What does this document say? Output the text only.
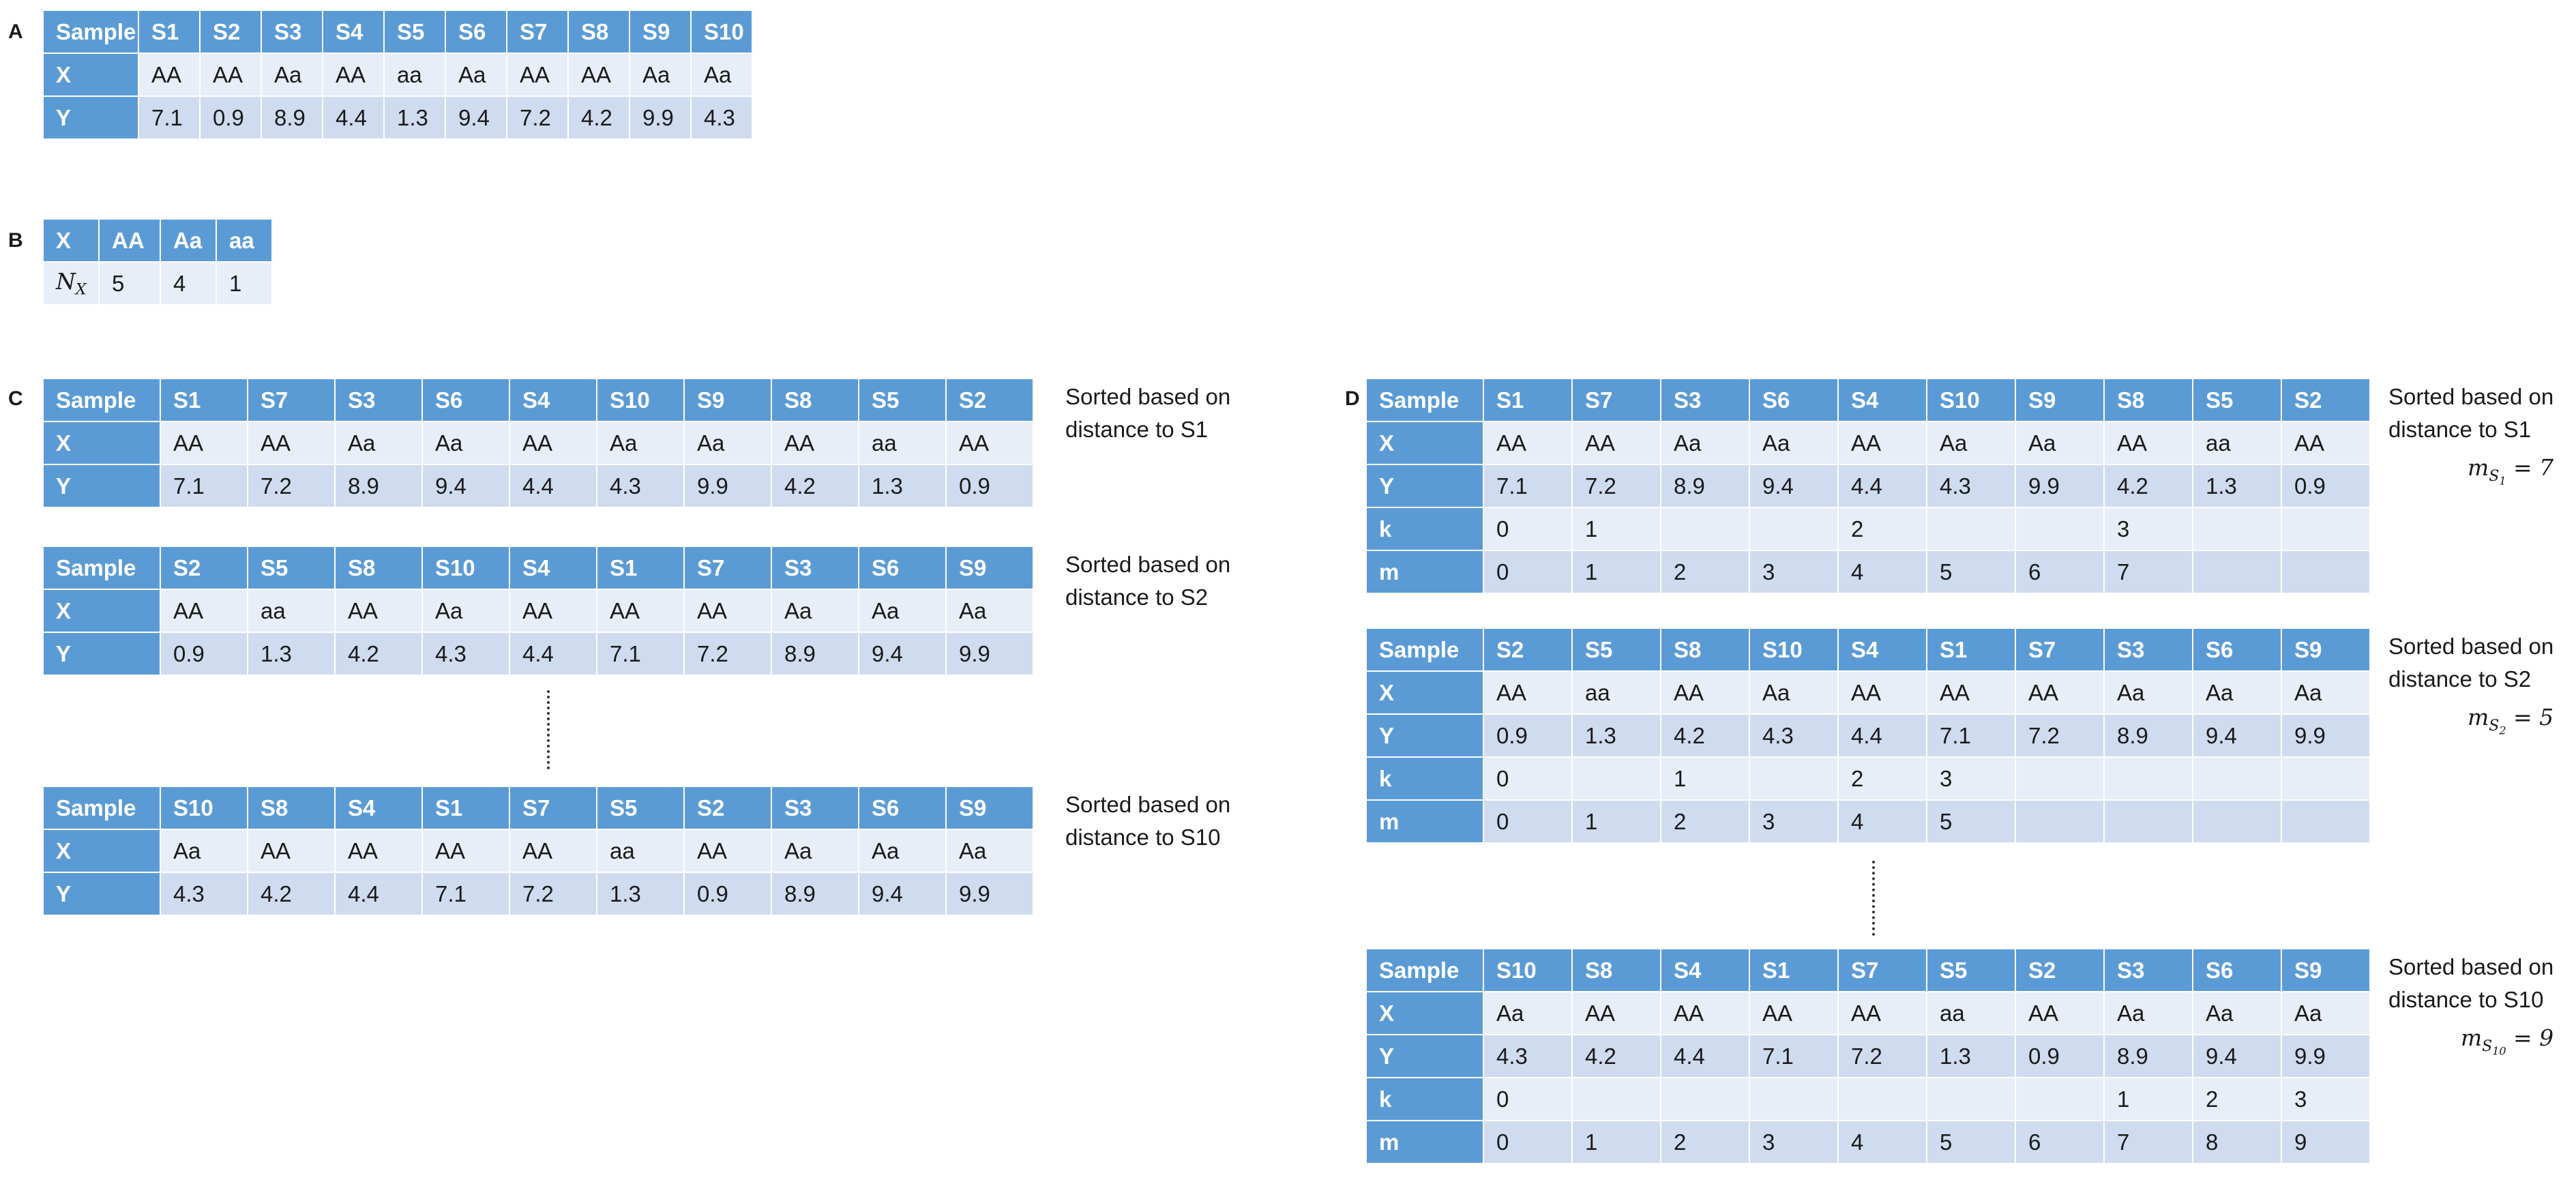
A
B
C	D
Sample	S1	S2	S3	S4	S5	S6	S7	S8	S9	S10
X	AA	AA	Aa	AA	aa	Aa	AA	AA	Aa	Aa
Y	7.1	0.9	8.9	4.4	1.3	9.4	7.2	4.2	9.9	4.3
X	AA	Aa	aa
$N_X$	5	4	1
Sample	S1	S7	S3	S6	S4	S10	S9	S8	S5	S2
X	AA	AA	Aa	Aa	AA	Aa	Aa	AA	aa	AA
Y	7.1	7.2	8.9	9.4	4.4	4.3	9.9	4.2	1.3	0.9
Sorted based on
distance to S1
Sample	S2	S5	S8	S10	S4	S1	S7	S3	S6	S9
X	AA	aa	AA	Aa	AA	AA	AA	Aa	Aa	Aa
Y	0.9	1.3	4.2	4.3	4.4	7.1	7.2	8.9	9.4	9.9
Sorted based on
distance to S2
Sample	S10	S8	S4	S1	S7	S5	S2	S3	S6	S9
X	Aa	AA	AA	AA	AA	aa	AA	Aa	Aa	Aa
Y	4.3	4.2	4.4	7.1	7.2	1.3	0.9	8.9	9.4	9.9
Sorted based on
distance to S10
Sample	S1	S7	S3	S6	S4	S10	S9	S8	S5	S2
X	AA	AA	Aa	Aa	AA	Aa	Aa	AA	aa	AA
Y	7.1	7.2	8.9	9.4	4.4	4.3	9.9	4.2	1.3	0.9
k	0	1			2			3		
m	0	1	2	3	4	5	6	7		
Sorted based on
distance to S1
$m_{S_1} = 7$
Sample	S2	S5	S8	S10	S4	S1	S7	S3	S6	S9
X	AA	aa	AA	Aa	AA	AA	AA	Aa	Aa	Aa
Y	0.9	1.3	4.2	4.3	4.4	7.1	7.2	8.9	9.4	9.9
k	0		1		2	3				
m	0	1	2	3	4	5				
Sorted based on
distance to S2
$m_{S_2} = 5$
Sample	S10	S8	S4	S1	S7	S5	S2	S3	S6	S9
X	Aa	AA	AA	AA	AA	aa	AA	Aa	Aa	Aa
Y	4.3	4.2	4.4	7.1	7.2	1.3	0.9	8.9	9.4	9.9
k	0							1	2	3
m	0	1	2	3	4	5	6	7	8	9
Sorted based on
distance to S10
$m_{S_{10}} = 9$
